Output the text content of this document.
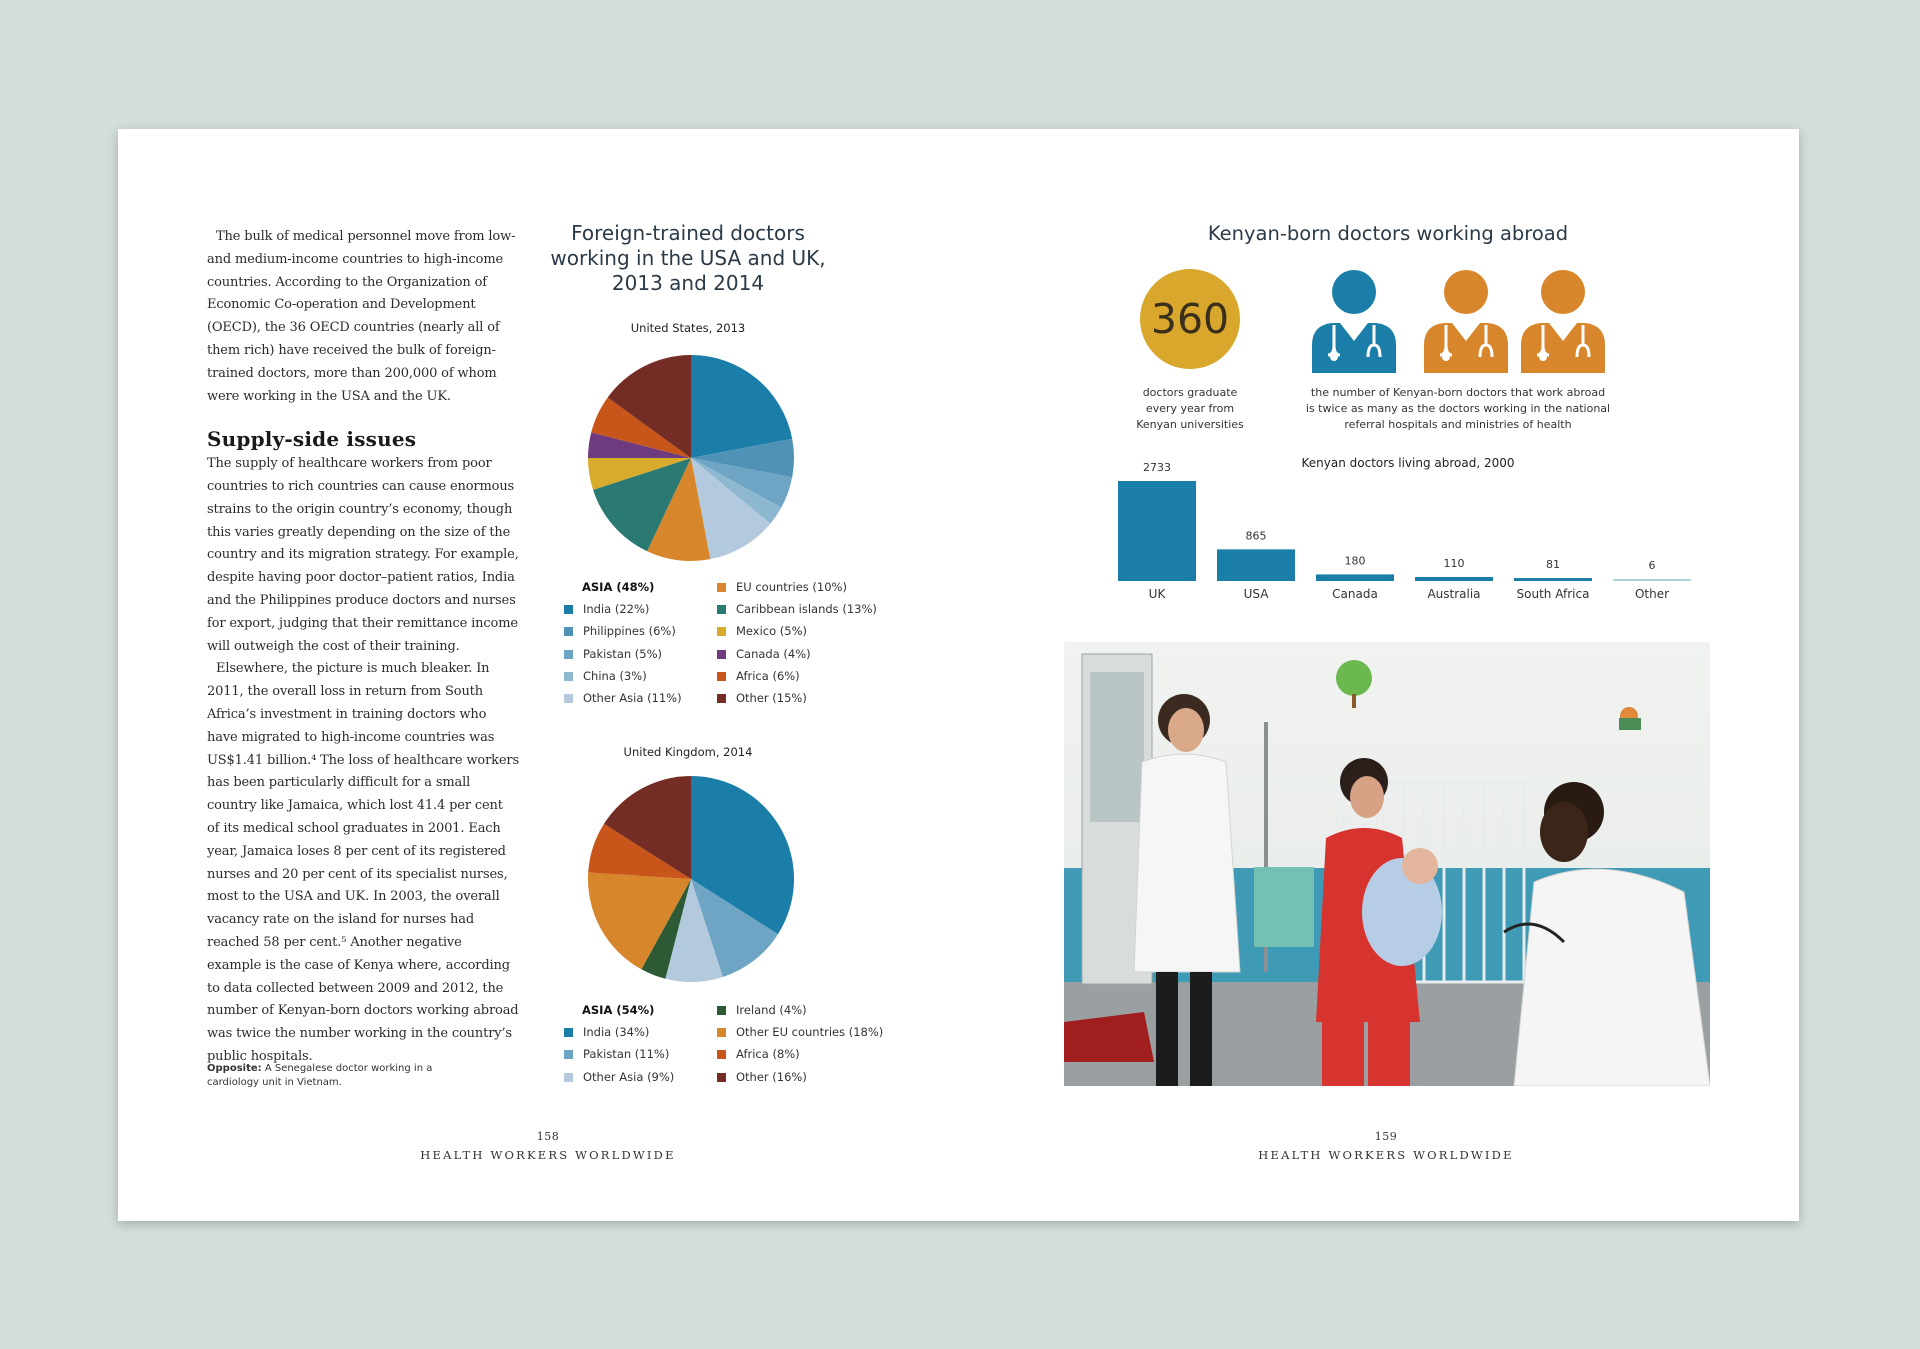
The bulk of medical personnel move from low- and medium-income countries to high-income countries. According to the Organization of Economic Co-operation and Development (OECD), the 36 OECD countries (nearly all of them rich) have received the bulk of foreign-trained doctors, more than 200,000 of whom were working in the USA and the UK.

Supply-side issues

The supply of healthcare workers from poor countries to rich countries can cause enormous strains to the origin country’s economy, though this varies greatly depending on the size of the country and its migration strategy. For example, despite having poor doctor–patient ratios, India and the Philippines produce doctors and nurses for export, judging that their remittance income will outweigh the cost of their training.

Elsewhere, the picture is much bleaker. In 2011, the overall loss in return from South Africa’s investment in training doctors who have migrated to high-income countries was US$1.41 billion.⁴ The loss of healthcare workers has been particularly difficult for a small country like Jamaica, which lost 41.4 per cent of its medical school graduates in 2001. Each year, Jamaica loses 8 per cent of its registered nurses and 20 per cent of its specialist nurses, most to the USA and UK. In 2003, the overall vacancy rate on the island for nurses had reached 58 per cent.⁵ Another negative example is the case of Kenya where, according to data collected between 2009 and 2012, the number of Kenyan-born doctors working abroad was twice the number working in the country’s public hospitals.

Opposite: A Senegalese doctor working in a cardiology unit in Vietnam.
Foreign-trained doctors working in the USA and UK, 2013 and 2014
United States, 2013
ASIA (48%)
India (22%)
Philippines (6%)
Pakistan (5%)
China (3%)
Other Asia (11%)
EU countries (10%)
Caribbean islands (13%)
Mexico (5%)
Canada (4%)
Africa (6%)
Other (15%)
United Kingdom, 2014
ASIA (54%)
India (34%)
Pakistan (11%)
Other Asia (9%)
Ireland (4%)
Other EU countries (18%)
Africa (8%)
Other (16%)
158
HEALTH WORKERS WORLDWIDE
Kenyan-born doctors working abroad
360
doctors graduate
every year from
Kenyan universities
the number of Kenyan-born doctors that work abroad
is twice as many as the doctors working in the national
referral hospitals and ministries of health
Kenyan doctors living abroad, 2000
2733
UK
865
USA
180
Canada
110
Australia
81
South Africa
6
Other
159
HEALTH WORKERS WORLDWIDE
